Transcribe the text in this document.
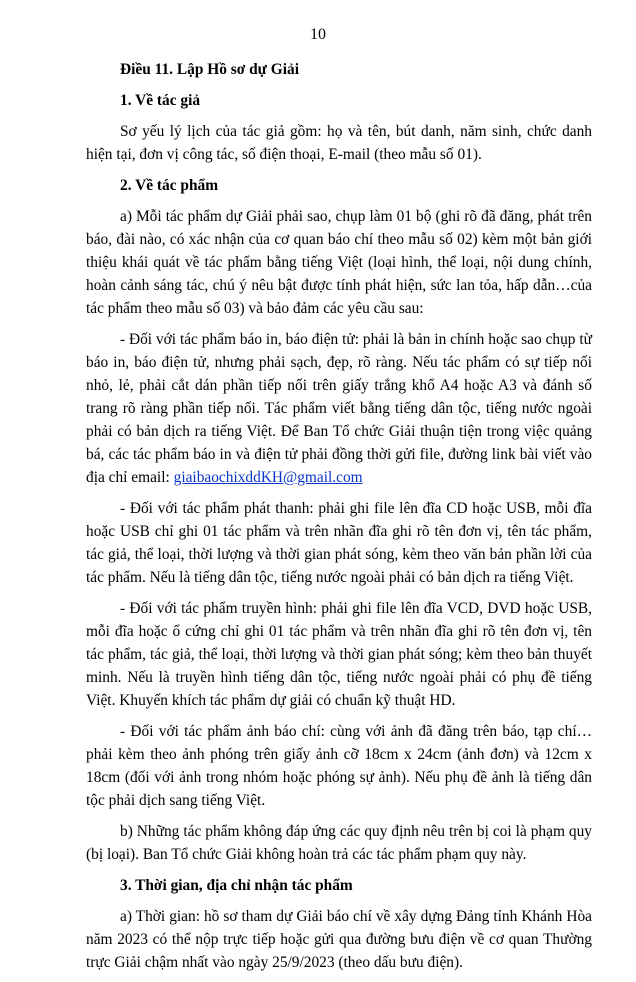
10

Điều 11. Lập Hồ sơ dự Giải

1. Về tác giả

Sơ yếu lý lịch của tác giả gồm: họ và tên, bút danh, năm sinh, chức danh hiện tại, đơn vị công tác, số điện thoại, E-mail (theo mẫu số 01).

2. Về tác phẩm

a) Mỗi tác phẩm dự Giải phải sao, chụp làm 01 bộ (ghi rõ đã đăng, phát trên báo, đài nào, có xác nhận của cơ quan báo chí theo mẫu số 02) kèm một bản giới thiệu khái quát về tác phẩm bằng tiếng Việt (loại hình, thể loại, nội dung chính, hoàn cảnh sáng tác, chú ý nêu bật được tính phát hiện, sức lan tỏa, hấp dẫn…của tác phẩm theo mẫu số 03) và bảo đảm các yêu cầu sau:

- Đối với tác phẩm báo in, báo điện tử: phải là bản in chính hoặc sao chụp từ báo in, báo điện tử, nhưng phải sạch, đẹp, rõ ràng. Nếu tác phẩm có sự tiếp nối nhỏ, lẻ, phải cắt dán phần tiếp nối trên giấy trắng khổ A4 hoặc A3 và đánh số trang rõ ràng phần tiếp nối. Tác phẩm viết bằng tiếng dân tộc, tiếng nước ngoài phải có bản dịch ra tiếng Việt. Để Ban Tổ chức Giải thuận tiện trong việc quảng bá, các tác phẩm báo in và điện tử phải đồng thời gửi file, đường link bài viết vào địa chỉ email: giaibaochixddKH@gmail.com

- Đối với tác phẩm phát thanh: phải ghi file lên đĩa CD hoặc USB, mỗi đĩa hoặc USB chỉ ghi 01 tác phẩm và trên nhãn đĩa ghi rõ tên đơn vị, tên tác phẩm, tác giả, thể loại, thời lượng và thời gian phát sóng, kèm theo văn bản phần lời của tác phẩm. Nếu là tiếng dân tộc, tiếng nước ngoài phải có bản dịch ra tiếng Việt.

- Đối với tác phẩm truyền hình: phải ghi file lên đĩa VCD, DVD hoặc USB, mỗi đĩa hoặc ổ cứng chỉ ghi 01 tác phẩm và trên nhãn đĩa ghi rõ tên đơn vị, tên tác phẩm, tác giả, thể loại, thời lượng và thời gian phát sóng; kèm theo bản thuyết minh. Nếu là truyền hình tiếng dân tộc, tiếng nước ngoài phải có phụ đề tiếng Việt. Khuyến khích tác phẩm dự giải có chuẩn kỹ thuật HD.

- Đối với tác phẩm ảnh báo chí: cùng với ảnh đã đăng trên báo, tạp chí… phải kèm theo ảnh phóng trên giấy ảnh cỡ 18cm x 24cm (ảnh đơn) và 12cm x 18cm (đối với ảnh trong nhóm hoặc phóng sự ảnh). Nếu phụ đề ảnh là tiếng dân tộc phải dịch sang tiếng Việt.

b) Những tác phẩm không đáp ứng các quy định nêu trên bị coi là phạm quy (bị loại). Ban Tổ chức Giải không hoàn trả các tác phẩm phạm quy này.

3. Thời gian, địa chỉ nhận tác phẩm

a) Thời gian: hồ sơ tham dự Giải báo chí về xây dựng Đảng tỉnh Khánh Hòa năm 2023 có thể nộp trực tiếp hoặc gửi qua đường bưu điện về cơ quan Thường trực Giải chậm nhất vào ngày 25/9/2023 (theo dấu bưu điện).
